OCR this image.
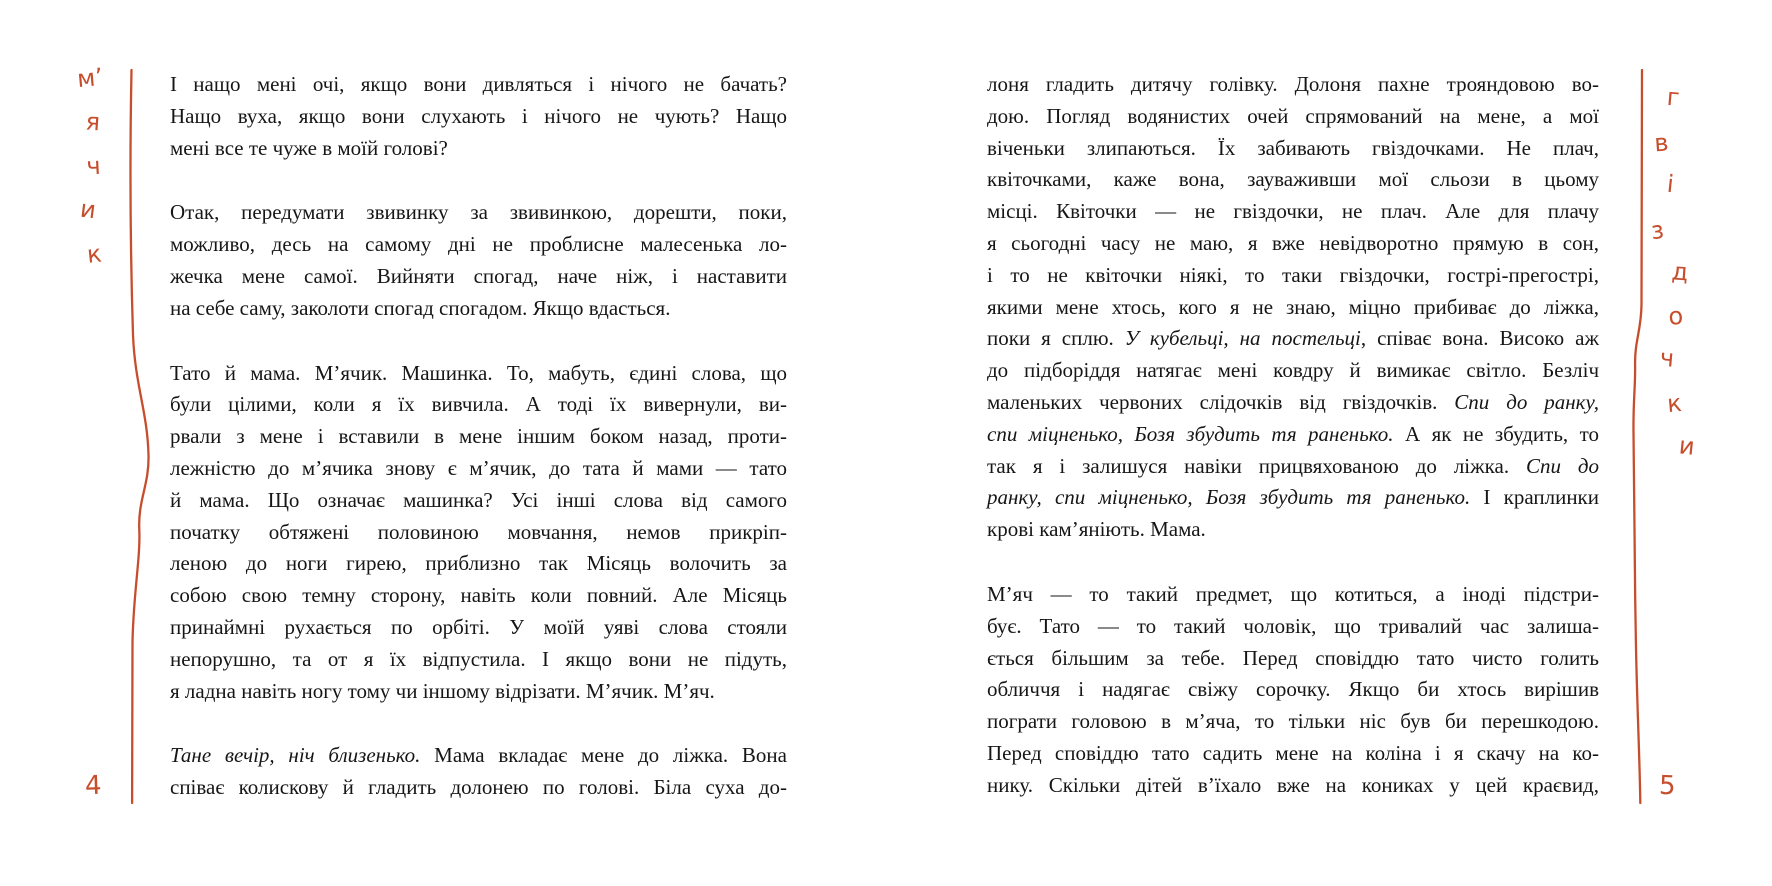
м’
я
ч
и
к
І нащо мені очі, якщо вони дивляться і нічого не бачать?
Нащо вуха, якщо вони слухають і нічого не чують? Нащо
мені все те чуже в моїй голові?
Отак, передумати звивинку за звивинкою, дорешти, поки,
можливо, десь на самому дні не проблисне малесенька ло-
жечка мене самої. Вийняти спогад, наче ніж, і наставити
на себе саму, заколоти спогад спогадом. Якщо вдасться.
Тато й мама. М’ячик. Машинка. То, мабуть, єдині слова, що
були цілими, коли я їх вивчила. А тоді їх вивернули, ви-
рвали з мене і вставили в мене іншим боком назад, проти-
лежністю до м’ячика знову є м’ячик, до тата й мами — тато
й мама. Що означає машинка? Усі інші слова від самого
початку обтяжені половиною мовчання, немов прикріп-
леною до ноги гирею, приблизно так Місяць волочить за
собою свою темну сторону, навіть коли повний. Але Місяць
принаймні рухається по орбіті. У моїй уяві слова стояли
непорушно, та от я їх відпустила. І якщо вони не підуть,
я ладна навіть ногу тому чи іншому відрізати. М’ячик. М’яч.
Тане вечір, ніч близенько. Мама вкладає мене до ліжка. Вона
співає колискову й гладить долонею по голові. Біла суха до-
4
г
в
і
з
д
о
ч
к
и
лоня гладить дитячу голівку. Долоня пахне трояндовою во-
дою. Погляд водянистих очей спрямований на мене, а мої
віченьки злипаються. Їх забивають гвіздочками. Не плач,
квіточками, каже вона, зауваживши мої сльози в цьому
місці. Квіточки — не гвіздочки, не плач. Але для плачу
я сьогодні часу не маю, я вже невідворотно прямую в сон,
і то не квіточки ніякі, то таки гвіздочки, гострі-прегострі,
якими мене хтось, кого я не знаю, міцно прибиває до ліжка,
поки я сплю. У кубельці, на постельці, співає вона. Високо аж
до підборіддя натягає мені ковдру й вимикає світло. Безліч
маленьких червоних слідочків від гвіздочків. Спи до ранку,
спи міцненько, Бозя збудить тя раненько. А як не збудить, то
так я і залишуся навіки прицвяхованою до ліжка. Спи до
ранку, спи міцненько, Бозя збудить тя раненько. І краплинки
крові кам’яніють. Мама.
М’яч — то такий предмет, що котиться, а іноді підстри-
бує. Тато — то такий чоловік, що тривалий час залиша-
ється більшим за тебе. Перед сповіддю тато чисто голить
обличчя і надягає свіжу сорочку. Якщо би хтось вирішив
пограти головою в м’яча, то тільки ніс був би перешкодою.
Перед сповіддю тато садить мене на коліна і я скачу на ко-
нику. Скільки дітей в’їхало вже на кониках у цей краєвид, 5
